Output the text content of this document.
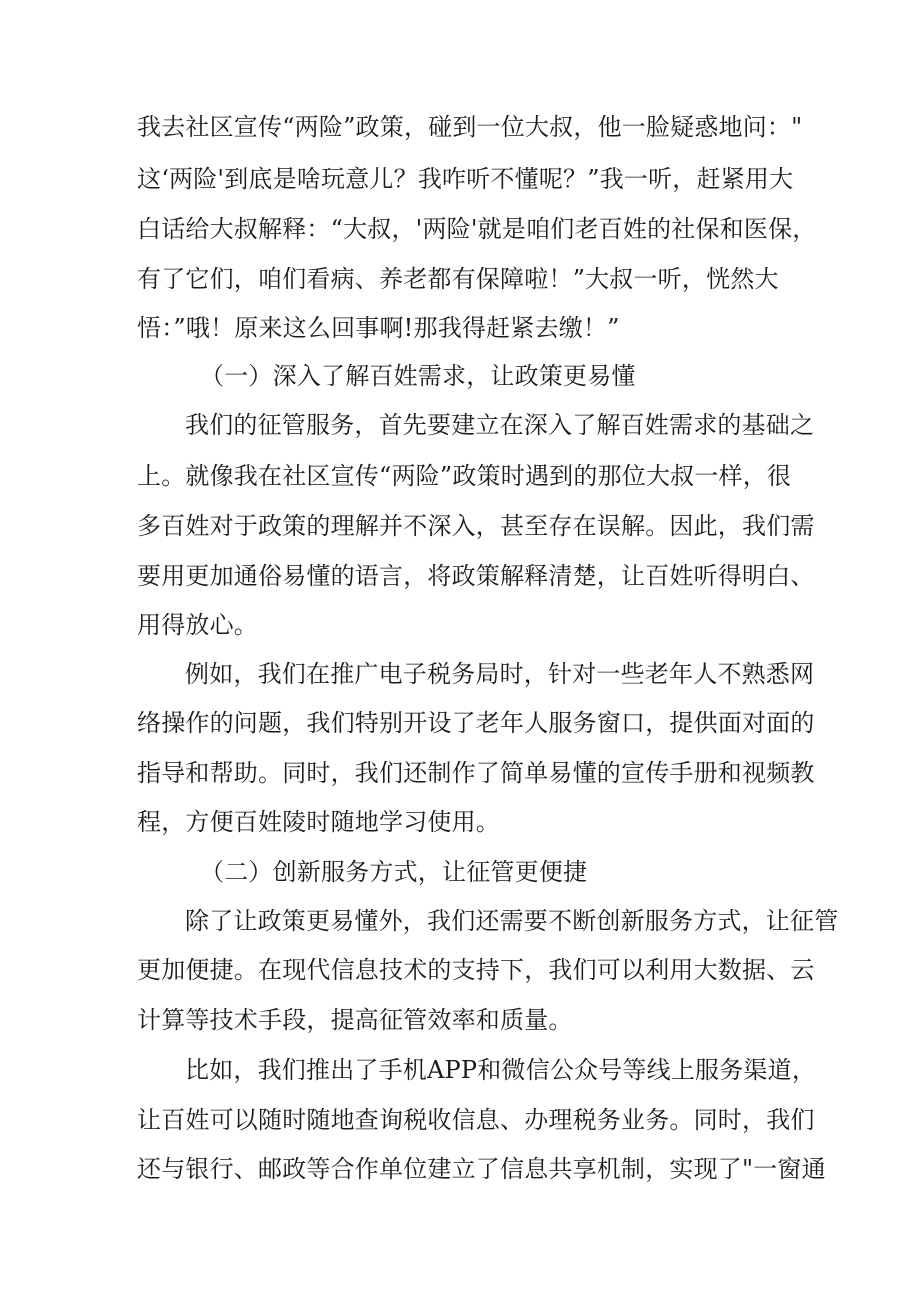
我去社区宣传“两险”政策，碰到一位大叔，他一脸疑惑地问："
这‘两险'到底是啥玩意儿？我咋听不懂呢？”我一听，赶紧用大
白话给大叔解释：“大叔，'两险'就是咱们老百姓的社保和医保，
有了它们，咱们看病、养老都有保障啦！”大叔一听，恍然大
悟：”哦！原来这么回事啊!那我得赶紧去缴！”
（一）深入了解百姓需求，让政策更易懂
我们的征管服务，首先要建立在深入了解百姓需求的基础之
上。就像我在社区宣传“两险”政策时遇到的那位大叔一样，很
多百姓对于政策的理解并不深入，甚至存在误解。因此，我们需
要用更加通俗易懂的语言，将政策解释清楚，让百姓听得明白、
用得放心。
例如，我们在推广电子税务局时，针对一些老年人不熟悉网
络操作的问题，我们特别开设了老年人服务窗口，提供面对面的
指导和帮助。同时，我们还制作了简单易懂的宣传手册和视频教
程，方便百姓陵时随地学习使用。
（二）创新服务方式，让征管更便捷
除了让政策更易懂外，我们还需要不断创新服务方式，让征管
更加便捷。在现代信息技术的支持下，我们可以利用大数据、云
计算等技术手段，提高征管效率和质量。
比如，我们推出了手机APP和微信公众号等线上服务渠道，
让百姓可以随时随地查询税收信息、办理税务业务。同时，我们
还与银行、邮政等合作单位建立了信息共享机制，实现了"一窗通
